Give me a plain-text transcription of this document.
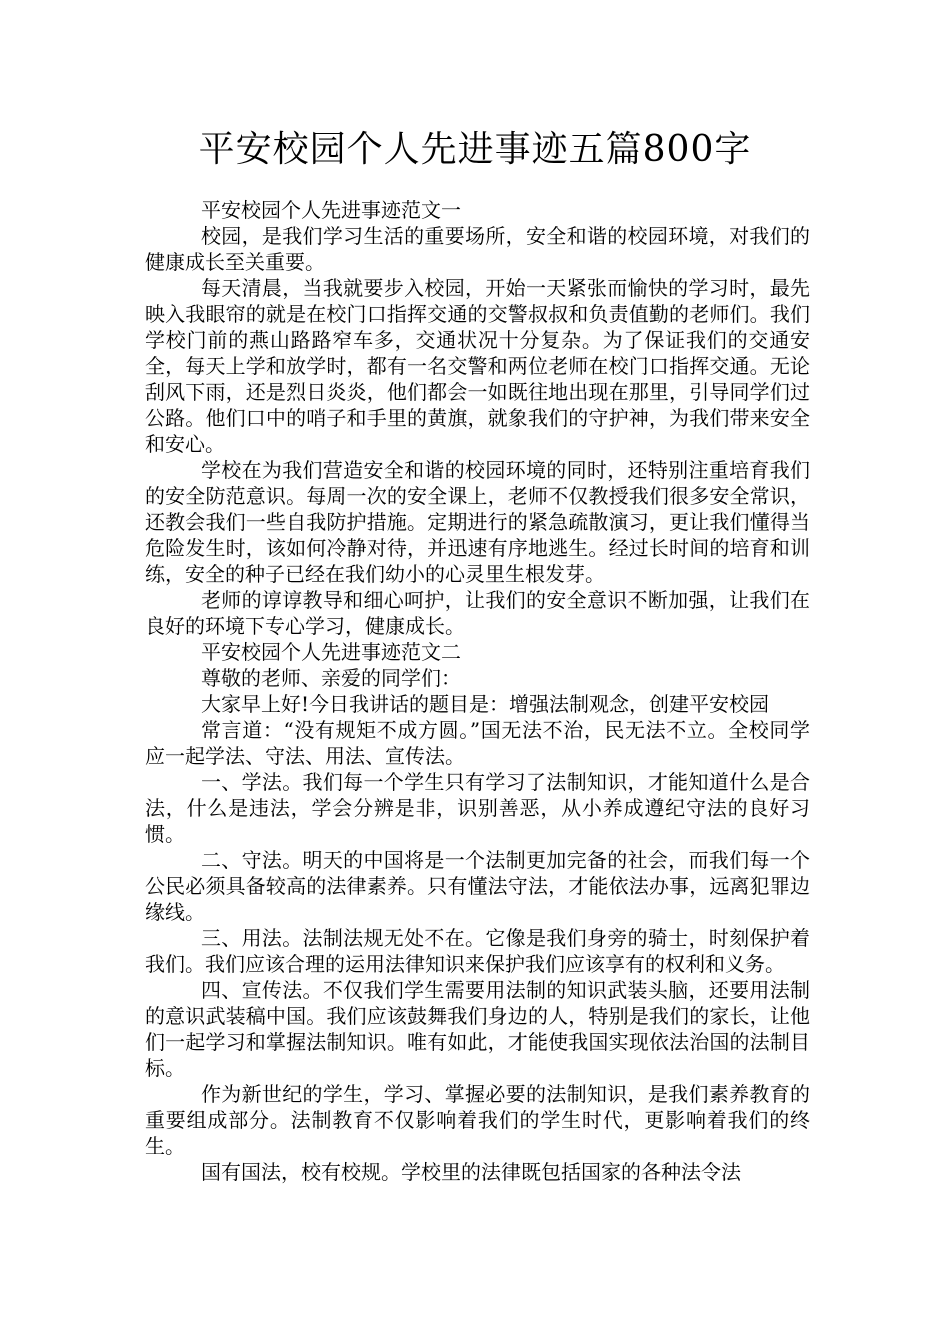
平安校园个人先进事迹五篇800字

平安校园个人先进事迹范文一

校园，是我们学习生活的重要场所，安全和谐的校园环境，对我们的健康成长至关重要。

每天清晨，当我就要步入校园，开始一天紧张而愉快的学习时，最先映入我眼帘的就是在校门口指挥交通的交警叔叔和负责值勤的老师们。我们学校门前的燕山路路窄车多，交通状况十分复杂。为了保证我们的交通安全，每天上学和放学时，都有一名交警和两位老师在校门口指挥交通。无论刮风下雨，还是烈日炎炎，他们都会一如既往地出现在那里，引导同学们过公路。他们口中的哨子和手里的黄旗，就象我们的守护神，为我们带来安全和安心。

学校在为我们营造安全和谐的校园环境的同时，还特别注重培育我们的安全防范意识。每周一次的安全课上，老师不仅教授我们很多安全常识，还教会我们一些自我防护措施。定期进行的紧急疏散演习，更让我们懂得当危险发生时，该如何冷静对待，并迅速有序地逃生。经过长时间的培育和训练，安全的种子已经在我们幼小的心灵里生根发芽。

老师的谆谆教导和细心呵护，让我们的安全意识不断加强，让我们在良好的环境下专心学习，健康成长。

平安校园个人先进事迹范文二

尊敬的老师、亲爱的同学们：

大家早上好!今日我讲话的题目是：增强法制观念，创建平安校园

常言道：“没有规矩不成方圆。”国无法不治，民无法不立。全校同学应一起学法、守法、用法、宣传法。

一、学法。我们每一个学生只有学习了法制知识，才能知道什么是合法，什么是违法，学会分辨是非，识别善恶，从小养成遵纪守法的良好习惯。

二、守法。明天的中国将是一个法制更加完备的社会，而我们每一个公民必须具备较高的法律素养。只有懂法守法，才能依法办事，远离犯罪边缘线。

三、用法。法制法规无处不在。它像是我们身旁的骑士，时刻保护着我们。我们应该合理的运用法律知识来保护我们应该享有的权利和义务。

四、宣传法。不仅我们学生需要用法制的知识武装头脑，还要用法制的意识武装稿中国。我们应该鼓舞我们身边的人，特别是我们的家长，让他们一起学习和掌握法制知识。唯有如此，才能使我国实现依法治国的法制目标。

作为新世纪的学生，学习、掌握必要的法制知识，是我们素养教育的重要组成部分。法制教育不仅影响着我们的学生时代，更影响着我们的终生。

国有国法，校有校规。学校里的法律既包括国家的各种法令法
